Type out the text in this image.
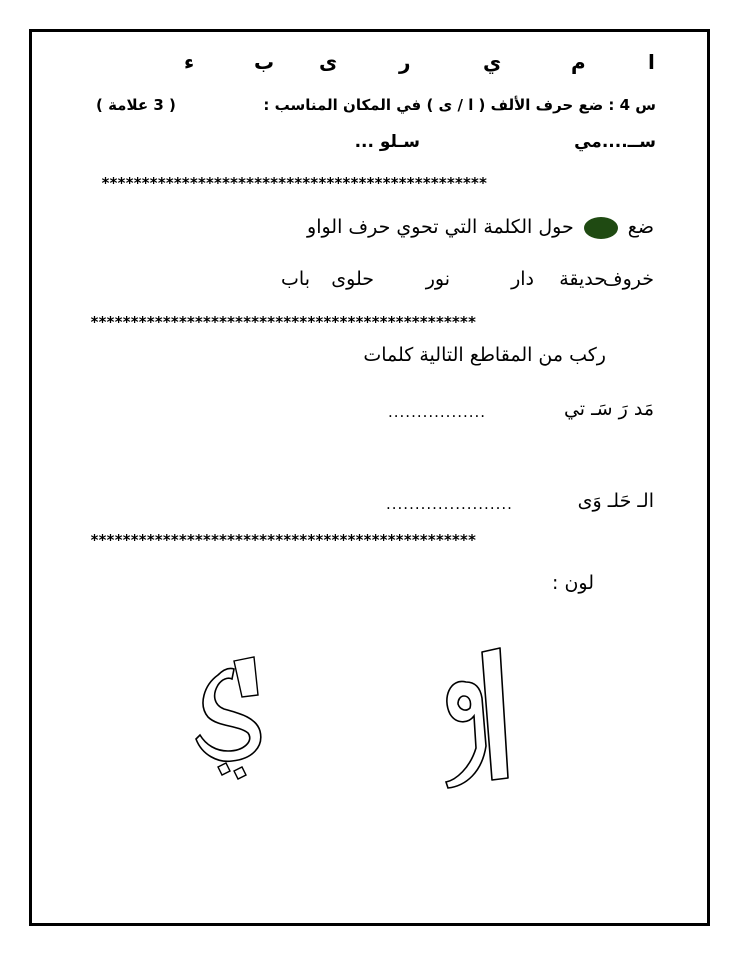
ا
م
ي
ر
ى
ب
ء
س 4 : ضع حرف الألف ( ا / ى ) في المكان المناسب :
( 3 علامة )
ســ....مي
سـلو ...
************************************************
ضعحول الكلمة التي تحوي حرف الواو
خروف
حديقة
دار
نور
حلوى
باب
************************************************
ركب من المقاطع التالية كلمات
مَد رَ سَـ تي
.................
الـ حَلـ وَى
......................
************************************************
لون :
